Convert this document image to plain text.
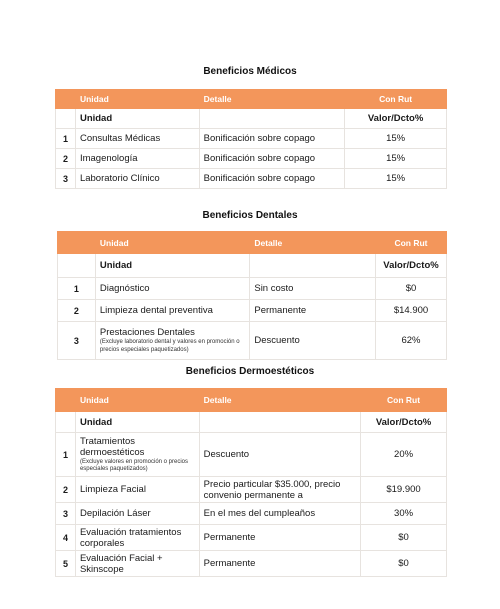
Beneficios Médicos
	Unidad	Detalle	Con Rut
	Unidad		Valor/Dcto%
1	Consultas Médicas	Bonificación sobre copago	15%
2	Imagenología	Bonificación sobre copago	15%
3	Laboratorio Clínico	Bonificación sobre copago	15%
Beneficios Dentales
	Unidad	Detalle	Con Rut
	Unidad		Valor/Dcto%
1	Diagnóstico	Sin costo	$0
2	Limpieza dental preventiva	Permanente	$14.900
3	Prestaciones Dentales
(Excluye laboratorio dental y valores en promoción o precios especiales paquetizados)	Descuento	62%
Beneficios Dermoestéticos
	Unidad	Detalle	Con Rut
	Unidad		Valor/Dcto%
1	Tratamientos dermoestéticos
(Excluye valores en promoción o precios especiales paquetizados)	Descuento	20%
2	Limpieza Facial	Precio particular $35.000, precio convenio permanente a	$19.900
3	Depilación Láser	En el mes del cumpleaños	30%
4	Evaluación tratamientos corporales	Permanente	$0
5	Evaluación Facial + Skinscope	Permanente	$0
